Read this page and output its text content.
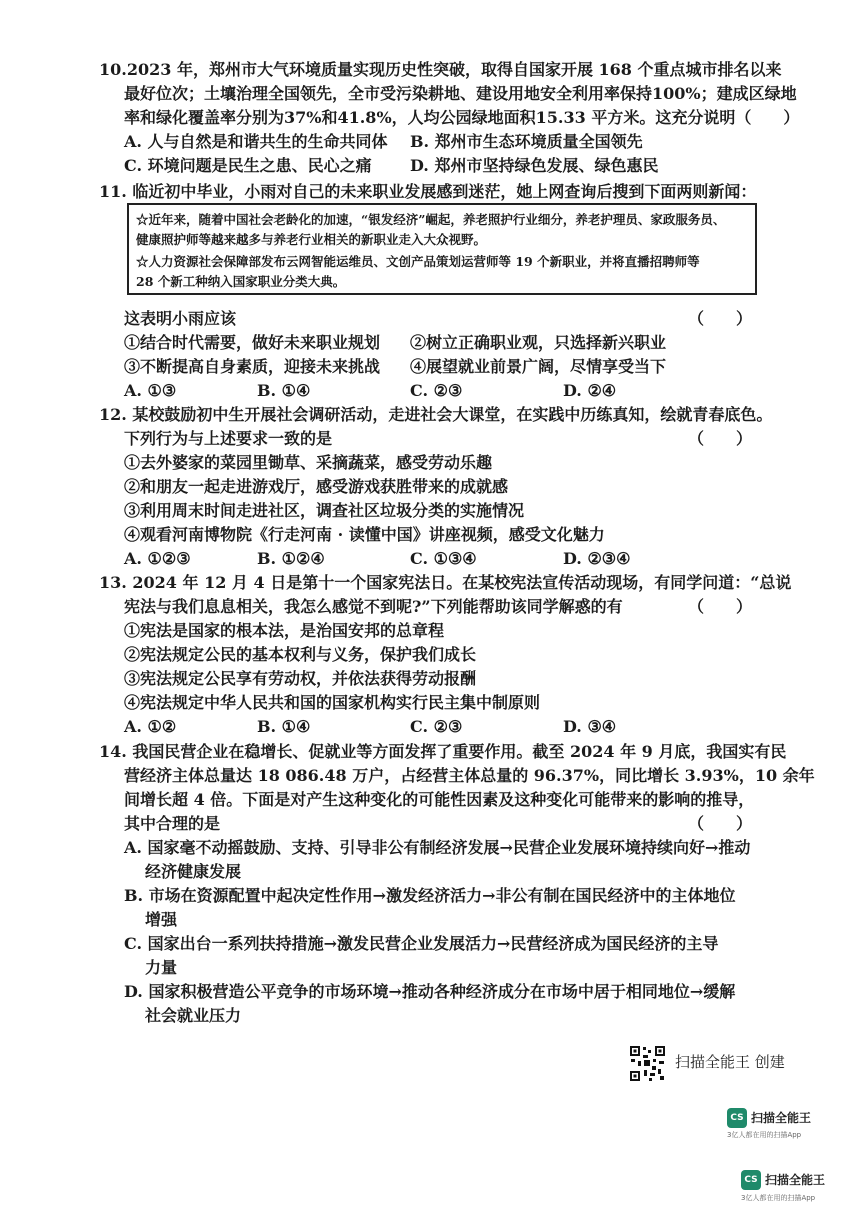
10.2023 年，郑州市大气环境质量实现历史性突破，取得自国家开展 168 个重点城市排名以来
最好位次；土壤治理全国领先，全市受污染耕地、建设用地安全利用率保持100%；建成区绿地
率和绿化覆盖率分别为37%和41.8%，人均公园绿地面积15.33 平方米。这充分说明（　　）
A. 人与自然是和谐共生的生命共同体 B. 郑州市生态环境质量全国领先
C. 环境问题是民生之患、民心之痛 D. 郑州市坚持绿色发展、绿色惠民
11. 临近初中毕业，小雨对自己的未来职业发展感到迷茫，她上网查询后搜到下面两则新闻：
☆近年来，随着中国社会老龄化的加速，“银发经济”崛起，养老照护行业细分，养老护理员、家政服务员、
健康照护师等越来越多与养老行业相关的新职业走入大众视野。
☆人力资源社会保障部发布云网智能运维员、文创产品策划运营师等 19 个新职业，并将直播招聘师等
28 个新工种纳入国家职业分类大典。
这表明小雨应该	（　　）
①结合时代需要，做好未来职业规划 ②树立正确职业观，只选择新兴职业
③不断提高自身素质，迎接未来挑战 ④展望就业前景广阔，尽情享受当下
A. ①③	B. ①④	C. ②③	D. ②④
12. 某校鼓励初中生开展社会调研活动，走进社会大课堂，在实践中历练真知，绘就青春底色。
下列行为与上述要求一致的是	（　　）
①去外婆家的菜园里锄草、采摘蔬菜，感受劳动乐趣
②和朋友一起走进游戏厅，感受游戏获胜带来的成就感
③利用周末时间走进社区，调查社区垃圾分类的实施情况
④观看河南博物院《行走河南 · 读懂中国》讲座视频，感受文化魅力
A. ①②③	B. ①②④	C. ①③④	D. ②③④
13. 2024 年 12 月 4 日是第十一个国家宪法日。在某校宪法宣传活动现场，有同学问道：“总说
宪法与我们息息相关，我怎么感觉不到呢?”下列能帮助该同学解惑的有	（　　）
①宪法是国家的根本法，是治国安邦的总章程
②宪法规定公民的基本权利与义务，保护我们成长
③宪法规定公民享有劳动权，并依法获得劳动报酬
④宪法规定中华人民共和国的国家机构实行民主集中制原则
A. ①②	B. ①④	C. ②③	D. ③④
14. 我国民营企业在稳增长、促就业等方面发挥了重要作用。截至 2024 年 9 月底，我国实有民
营经济主体总量达 18 086.48 万户，占经营主体总量的 96.37%，同比增长 3.93%，10 余年
间增长超 4 倍。下面是对产生这种变化的可能性因素及这种变化可能带来的影响的推导，
其中合理的是	（　　）
A. 国家毫不动摇鼓励、支持、引导非公有制经济发展→民营企业发展环境持续向好→推动
经济健康发展
B. 市场在资源配置中起决定性作用→激发经济活力→非公有制在国民经济中的主体地位
增强
C. 国家出台一系列扶持措施→激发民营企业发展活力→民营经济成为国民经济的主导
力量
D. 国家积极营造公平竞争的市场环境→推动各种经济成分在市场中居于相同地位→缓解
社会就业压力
扫描全能王 创建
CS 扫描全能王
3亿人都在用的扫描App
CS 扫描全能王
3亿人都在用的扫描App
